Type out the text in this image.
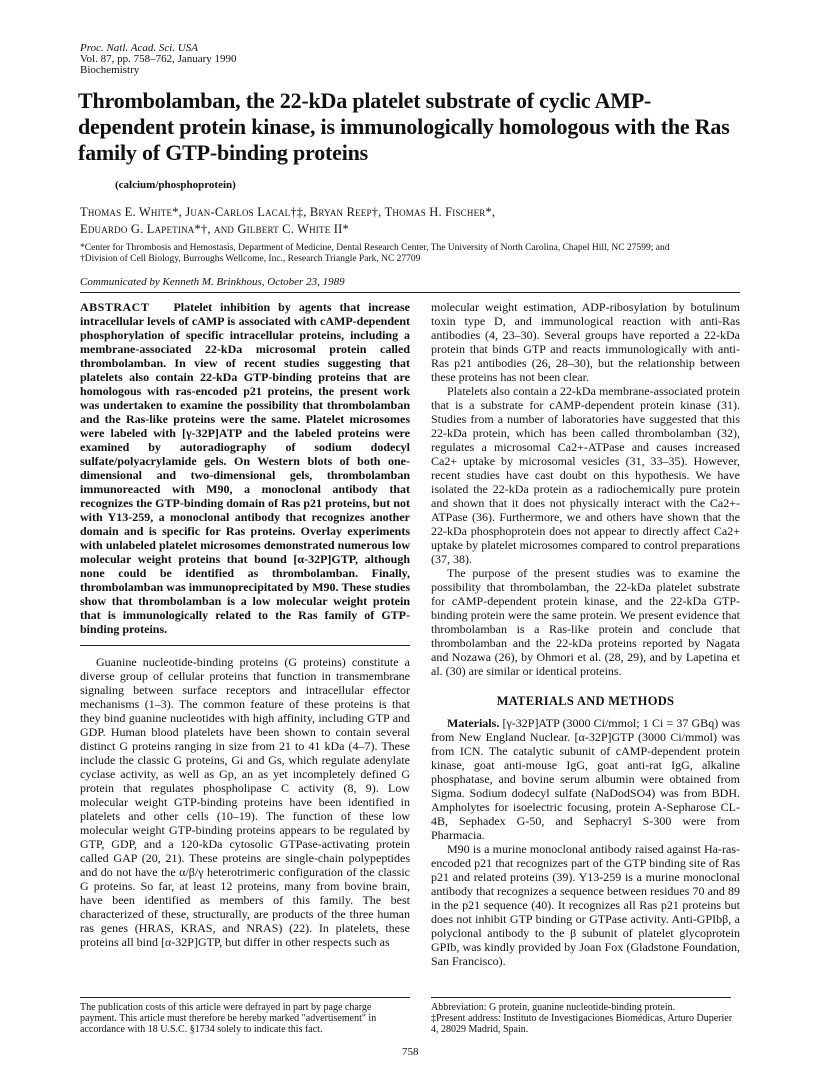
Proc. Natl. Acad. Sci. USA
Vol. 87, pp. 758–762, January 1990
Biochemistry
Thrombolamban, the 22-kDa platelet substrate of cyclic AMP-dependent protein kinase, is immunologically homologous with the Ras family of GTP-binding proteins
(calcium/phosphoprotein)
Thomas E. White*, Juan-Carlos Lacal†‡, Bryan Reep†, Thomas H. Fischer*,
Eduardo G. Lapetina*†, and Gilbert C. White II*
*Center for Thrombosis and Hemostasis, Department of Medicine, Dental Research Center, The University of North Carolina, Chapel Hill, NC 27599; and
†Division of Cell Biology, Burroughs Wellcome, Inc., Research Triangle Park, NC 27709
Communicated by Kenneth M. Brinkhous, October 23, 1989
ABSTRACT Platelet inhibition by agents that increase intracellular levels of cAMP is associated with cAMP-dependent phosphorylation of specific intracellular proteins, including a membrane-associated 22-kDa microsomal protein called thrombolamban. In view of recent studies suggesting that platelets also contain 22-kDa GTP-binding proteins that are homologous with ras-encoded p21 proteins, the present work was undertaken to examine the possibility that thrombolamban and the Ras-like proteins were the same. Platelet microsomes were labeled with [γ-32P]ATP and the labeled proteins were examined by autoradiography of sodium dodecyl sulfate/polyacrylamide gels. On Western blots of both one-dimensional and two-dimensional gels, thrombolamban immunoreacted with M90, a monoclonal antibody that recognizes the GTP-binding domain of Ras p21 proteins, but not with Y13-259, a monoclonal antibody that recognizes another domain and is specific for Ras proteins. Overlay experiments with unlabeled platelet microsomes demonstrated numerous low molecular weight proteins that bound [α-32P]GTP, although none could be identified as thrombolamban. Finally, thrombolamban was immunoprecipitated by M90. These studies show that thrombolamban is a low molecular weight protein that is immunologically related to the Ras family of GTP-binding proteins.

Guanine nucleotide-binding proteins (G proteins) constitute a diverse group of cellular proteins that function in transmembrane signaling between surface receptors and intracellular effector mechanisms (1–3). The common feature of these proteins is that they bind guanine nucleotides with high affinity, including GTP and GDP. Human blood platelets have been shown to contain several distinct G proteins ranging in size from 21 to 41 kDa (4–7). These include the classic G proteins, Gi and Gs, which regulate adenylate cyclase activity, as well as Gp, an as yet incompletely defined G protein that regulates phospholipase C activity (8, 9). Low molecular weight GTP-binding proteins have been identified in platelets and other cells (10–19). The function of these low molecular weight GTP-binding proteins appears to be regulated by GTP, GDP, and a 120-kDa cytosolic GTPase-activating protein called GAP (20, 21). These proteins are single-chain polypeptides and do not have the α/β/γ heterotrimeric configuration of the classic G proteins. So far, at least 12 proteins, many from bovine brain, have been identified as members of this family. The best characterized of these, structurally, are products of the three human ras genes (HRAS, KRAS, and NRAS) (22). In platelets, these proteins all bind [α-32P]GTP, but differ in other respects such as

molecular weight estimation, ADP-ribosylation by botulinum toxin type D, and immunological reaction with anti-Ras antibodies (4, 23–30). Several groups have reported a 22-kDa protein that binds GTP and reacts immunologically with anti-Ras p21 antibodies (26, 28–30), but the relationship between these proteins has not been clear.

Platelets also contain a 22-kDa membrane-associated protein that is a substrate for cAMP-dependent protein kinase (31). Studies from a number of laboratories have suggested that this 22-kDa protein, which has been called thrombolamban (32), regulates a microsomal Ca2+-ATPase and causes increased Ca2+ uptake by microsomal vesicles (31, 33–35). However, recent studies have cast doubt on this hypothesis. We have isolated the 22-kDa protein as a radiochemically pure protein and shown that it does not physically interact with the Ca2+-ATPase (36). Furthermore, we and others have shown that the 22-kDa phosphoprotein does not appear to directly affect Ca2+ uptake by platelet microsomes compared to control preparations (37, 38).

The purpose of the present studies was to examine the possibility that thrombolamban, the 22-kDa platelet substrate for cAMP-dependent protein kinase, and the 22-kDa GTP-binding protein were the same protein. We present evidence that thrombolamban is a Ras-like protein and conclude that thrombolamban and the 22-kDa proteins reported by Nagata and Nozawa (26), by Ohmori et al. (28, 29), and by Lapetina et al. (30) are similar or identical proteins.

MATERIALS AND METHODS

Materials. [γ-32P]ATP (3000 Ci/mmol; 1 Ci = 37 GBq) was from New England Nuclear. [α-32P]GTP (3000 Ci/mmol) was from ICN. The catalytic subunit of cAMP-dependent protein kinase, goat anti-mouse IgG, goat anti-rat IgG, alkaline phosphatase, and bovine serum albumin were obtained from Sigma. Sodium dodecyl sulfate (NaDodSO4) was from BDH. Ampholytes for isoelectric focusing, protein A-Sepharose CL-4B, Sephadex G-50, and Sephacryl S-300 were from Pharmacia.

M90 is a murine monoclonal antibody raised against Ha-ras-encoded p21 that recognizes part of the GTP binding site of Ras p21 and related proteins (39). Y13-259 is a murine monoclonal antibody that recognizes a sequence between residues 70 and 89 in the p21 sequence (40). It recognizes all Ras p21 proteins but does not inhibit GTP binding or GTPase activity. Anti-GPIbβ, a polyclonal antibody to the β subunit of platelet glycoprotein GPIb, was kindly provided by Joan Fox (Gladstone Foundation, San Francisco).

The publication costs of this article were defrayed in part by page charge payment. This article must therefore be hereby marked "advertisement" in accordance with 18 U.S.C. §1734 solely to indicate this fact.

Abbreviation: G protein, guanine nucleotide-binding protein.

‡Present address: Instituto de Investigaciones Biomédicas, Arturo Duperier 4, 28029 Madrid, Spain.

758
